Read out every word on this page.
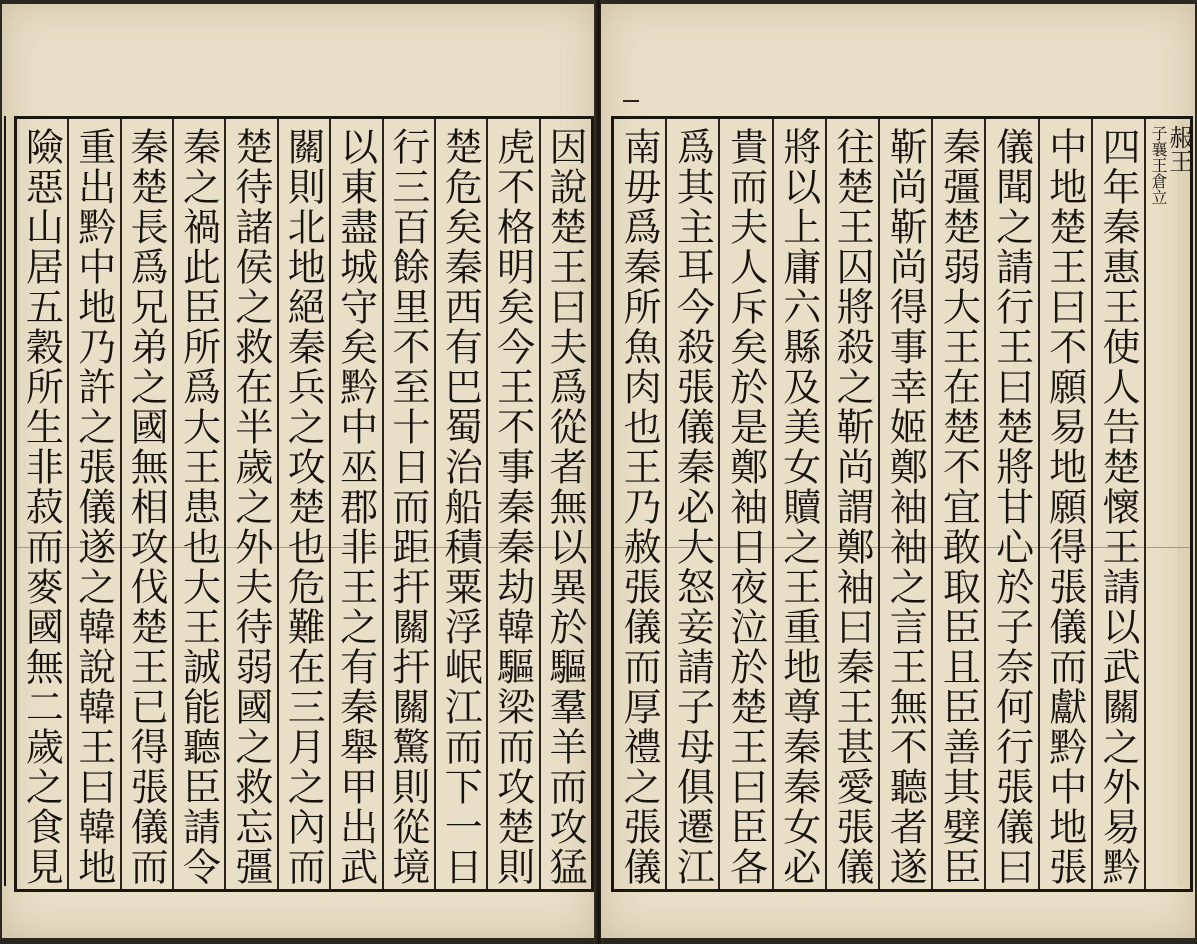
因說楚王曰夫爲從者無以異於驅羣羊而攻猛
虎不格明矣今王不事秦秦劫韓驅梁而攻楚則
楚危矣秦西有巴蜀治船積粟浮岷江而下一日
行三百餘里不至十日而距扞關扞關驚則從境
以東盡城守矣黔中巫郡非王之有秦舉甲出武
關則北地絕秦兵之攻楚也危難在三月之內而
楚待諸侯之救在半歲之外夫待弱國之救忘彊
秦之禍此臣所爲大王患也大王誠能聽臣請令
秦楚長爲兄弟之國無相攻伐楚王已得張儀而
重出黔中地乃許之張儀遂之韓說韓王曰韓地
險惡山居五穀所生非菽而麥國無二歲之食見	赧王
子襄王倉立
四年秦惠王使人告楚懷王請以武關之外易黔
中地楚王曰不願易地願得張儀而獻黔中地張
儀聞之請行王曰楚將甘心於子奈何行張儀曰
秦彊楚弱大王在楚不宜敢取臣且臣善其嬖臣
靳尚靳尚得事幸姬鄭袖袖之言王無不聽者遂
往楚王囚將殺之靳尚謂鄭袖曰秦王甚愛張儀
將以上庸六縣及美女贖之王重地尊秦秦女必
貴而夫人斥矣於是鄭袖日夜泣於楚王曰臣各
爲其主耳今殺張儀秦必大怒妾請子母俱遷江
南毋爲秦所魚肉也王乃赦張儀而厚禮之張儀
